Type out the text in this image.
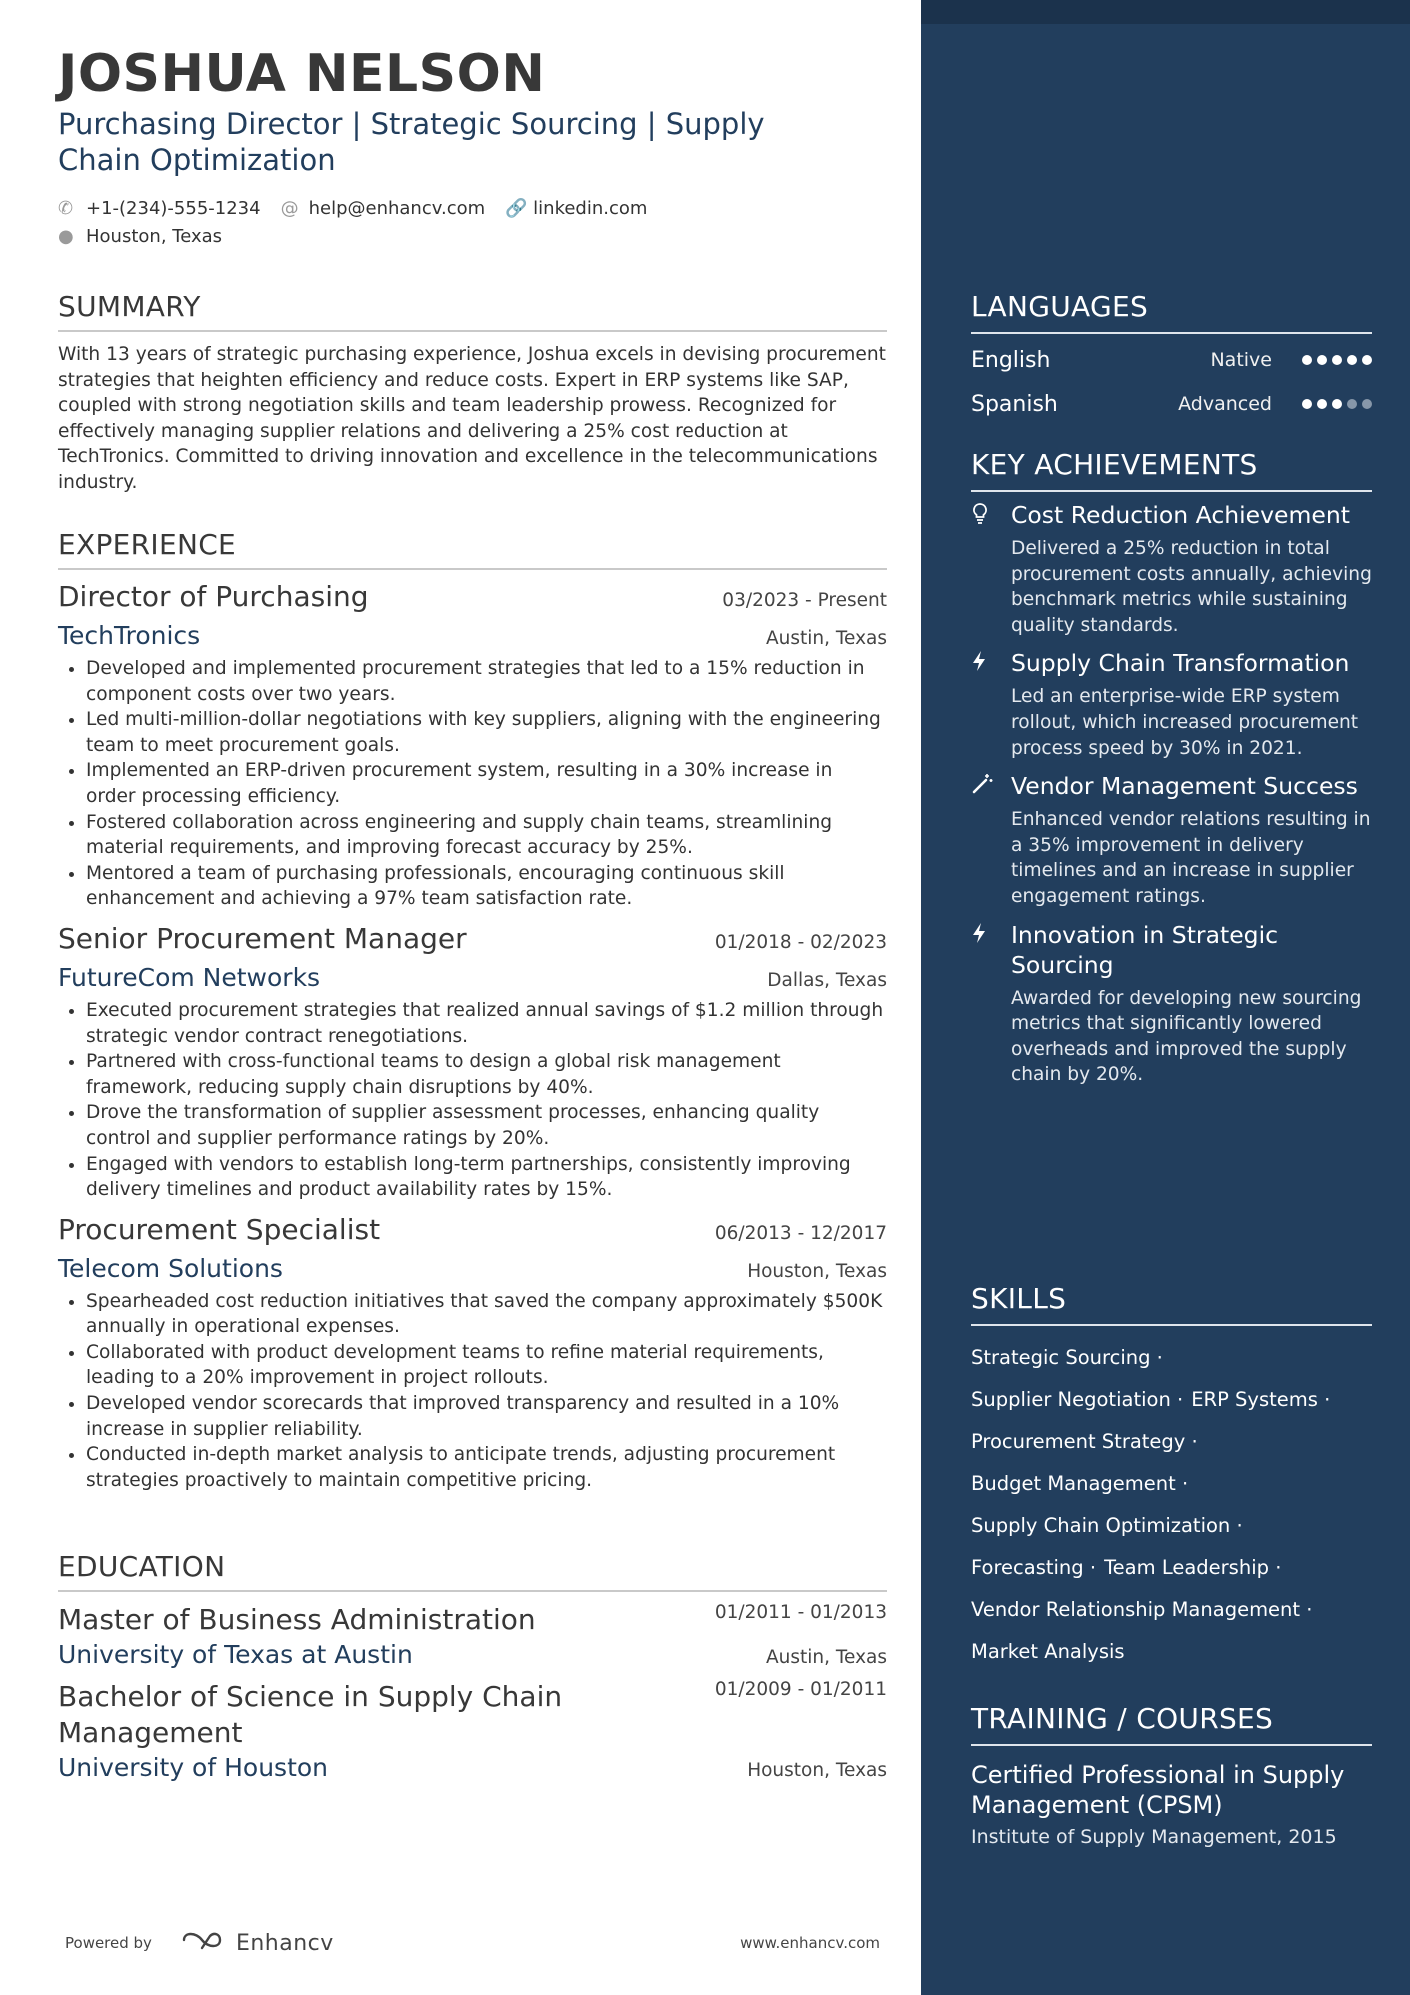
JOSHUA NELSON
Purchasing Director | Strategic Sourcing | Supply Chain Optimization
✆ +1-(234)-555-1234 @ help@enhancv.com 🔗 linkedin.com
● Houston, Texas
SUMMARY
With 13 years of strategic purchasing experience, Joshua excels in devising procurement strategies that heighten efficiency and reduce costs. Expert in ERP systems like SAP, coupled with strong negotiation skills and team leadership prowess. Recognized for effectively managing supplier relations and delivering a 25% cost reduction at TechTronics. Committed to driving innovation and excellence in the telecommunications industry.
EXPERIENCE
Director of Purchasing	03/2023 - Present
TechTronics	Austin, Texas
• Developed and implemented procurement strategies that led to a 15% reduction in component costs over two years.
• Led multi-million-dollar negotiations with key suppliers, aligning with the engineering team to meet procurement goals.
• Implemented an ERP-driven procurement system, resulting in a 30% increase in order processing efficiency.
• Fostered collaboration across engineering and supply chain teams, streamlining material requirements, and improving forecast accuracy by 25%.
• Mentored a team of purchasing professionals, encouraging continuous skill enhancement and achieving a 97% team satisfaction rate.
Senior Procurement Manager	01/2018 - 02/2023
FutureCom Networks	Dallas, Texas
• Executed procurement strategies that realized annual savings of $1.2 million through strategic vendor contract renegotiations.
• Partnered with cross-functional teams to design a global risk management framework, reducing supply chain disruptions by 40%.
• Drove the transformation of supplier assessment processes, enhancing quality control and supplier performance ratings by 20%.
• Engaged with vendors to establish long-term partnerships, consistently improving delivery timelines and product availability rates by 15%.
Procurement Specialist	06/2013 - 12/2017
Telecom Solutions	Houston, Texas
• Spearheaded cost reduction initiatives that saved the company approximately $500K annually in operational expenses.
• Collaborated with product development teams to refine material requirements, leading to a 20% improvement in project rollouts.
• Developed vendor scorecards that improved transparency and resulted in a 10% increase in supplier reliability.
• Conducted in-depth market analysis to anticipate trends, adjusting procurement strategies proactively to maintain competitive pricing.
EDUCATION
Master of Business Administration	01/2011 - 01/2013
University of Texas at Austin	Austin, Texas
Bachelor of Science in Supply Chain Management
01/2009 - 01/2011
University of Houston	Houston, Texas
Powered by	Enhancv	www.enhancv.com
LANGUAGES
English	Native
Spanish	Advanced
KEY ACHIEVEMENTS
Cost Reduction Achievement
Delivered a 25% reduction in total procurement costs annually, achieving benchmark metrics while sustaining quality standards.
Supply Chain Transformation
Led an enterprise-wide ERP system rollout, which increased procurement process speed by 30% in 2021.
Vendor Management Success
Enhanced vendor relations resulting in a 35% improvement in delivery timelines and an increase in supplier engagement ratings.
Innovation in Strategic Sourcing
Awarded for developing new sourcing metrics that significantly lowered overheads and improved the supply chain by 20%.
SKILLS
Strategic Sourcing ·
Supplier Negotiation · ERP Systems ·
Procurement Strategy ·
Budget Management ·
Supply Chain Optimization ·
Forecasting · Team Leadership ·
Vendor Relationship Management ·
Market Analysis
TRAINING / COURSES
Certified Professional in Supply Management (CPSM)
Institute of Supply Management, 2015
